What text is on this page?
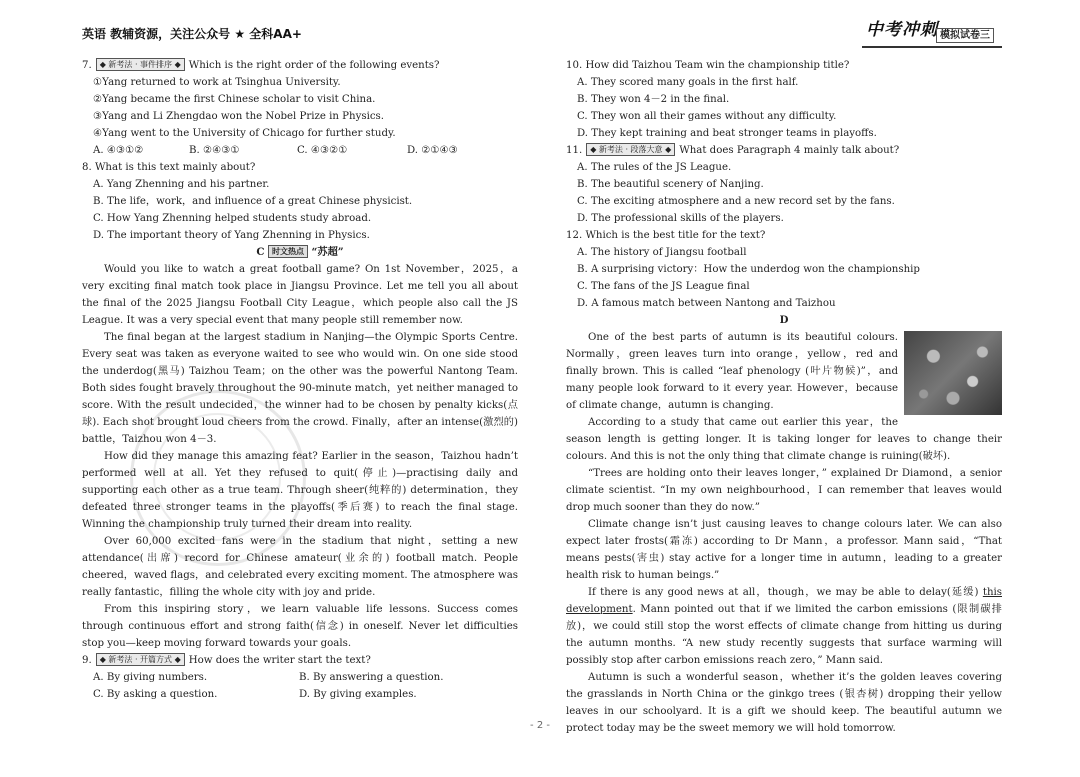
英语 教辅资源，关注公众号 ★ 全科AA+	中考冲刺 模拟试卷三
7. ◆ 新考法 · 事件排序 ◆ Which is the right order of the following events?
①Yang returned to work at Tsinghua University.
②Yang became the first Chinese scholar to visit China.
③Yang and Li Zhengdao won the Nobel Prize in Physics.
④Yang went to the University of Chicago for further study.
A. ④③①②	B. ②④③①	C. ④③②①	D. ②①④③
8. What is this text mainly about?
A. Yang Zhenning and his partner.
B. The life，work，and influence of a great Chinese physicist.
C. How Yang Zhenning helped students study abroad.
D. The important theory of Yang Zhenning in Physics.
C 时文热点 “苏超”

Would you like to watch a great football game? On 1st November，2025，a very exciting final match took place in Jiangsu Province. Let me tell you all about the final of the 2025 Jiangsu Football City League，which people also call the JS League. It was a very special event that many people still remember now.

The final began at the largest stadium in Nanjing—the Olympic Sports Centre. Every seat was taken as everyone waited to see who would win. On one side stood the underdog(黑马) Taizhou Team；on the other was the powerful Nantong Team. Both sides fought bravely throughout the 90-minute match，yet neither managed to score. With the result undecided，the winner had to be chosen by penalty kicks(点球). Each shot brought loud cheers from the crowd. Finally，after an intense(激烈的) battle，Taizhou won 4－3.

How did they manage this amazing feat? Earlier in the season，Taizhou hadn’t performed well at all. Yet they refused to quit(停止)—practising daily and supporting each other as a true team. Through sheer(纯粹的) determination，they defeated three stronger teams in the playoffs(季后赛) to reach the final stage. Winning the championship truly turned their dream into reality.

Over 60,000 excited fans were in the stadium that night，setting a new attendance(出席) record for Chinese amateur(业余的) football match. People cheered，waved flags，and celebrated every exciting moment. The atmosphere was really fantastic，filling the whole city with joy and pride.

From this inspiring story，we learn valuable life lessons. Success comes through continuous effort and strong faith(信念) in oneself. Never let difficulties stop you—keep moving forward towards your goals.

9. ◆ 新考法 · 开篇方式 ◆ How does the writer start the text?
A. By giving numbers.	B. By answering a question.
C. By asking a question.	D. By giving examples.
10. How did Taizhou Team win the championship title?
A. They scored many goals in the first half.
B. They won 4－2 in the final.
C. They won all their games without any difficulty.
D. They kept training and beat stronger teams in playoffs.
11. ◆ 新考法 · 段落大意 ◆ What does Paragraph 4 mainly talk about?
A. The rules of the JS League.
B. The beautiful scenery of Nanjing.
C. The exciting atmosphere and a new record set by the fans.
D. The professional skills of the players.
12. Which is the best title for the text?
A. The history of Jiangsu football
B. A surprising victory：How the underdog won the championship
C. The fans of the JS League final
D. A famous match between Nantong and Taizhou
D

One of the best parts of autumn is its beautiful colours. Normally，green leaves turn into orange，yellow，red and finally brown. This is called “leaf phenology (叶片物候)”，and many people look forward to it every year. However，because of climate change，autumn is changing.

According to a study that came out earlier this year，the season length is getting longer. It is taking longer for leaves to change their colours. And this is not the only thing that climate change is ruining(破坏).

“Trees are holding onto their leaves longer，” explained Dr Diamond，a senior climate scientist. “In my own neighbourhood，I can remember that leaves would drop much sooner than they do now.”

Climate change isn’t just causing leaves to change colours later. We can also expect later frosts(霜冻) according to Dr Mann，a professor. Mann said，“That means pests(害虫) stay active for a longer time in autumn，leading to a greater health risk to human beings.”

If there is any good news at all，though，we may be able to delay(延缓) this development. Mann pointed out that if we limited the carbon emissions (限制碳排放)，we could still stop the worst effects of climate change from hitting us during the autumn months. “A new study recently suggests that surface warming will possibly stop after carbon emissions reach zero，” Mann said.

Autumn is such a wonderful season，whether it’s the golden leaves covering the grasslands in North China or the ginkgo trees (银杏树) dropping their yellow leaves in our schoolyard. It is a gift we should keep. The beautiful autumn we protect today may be the sweet memory we will hold tomorrow.

- 2 -
